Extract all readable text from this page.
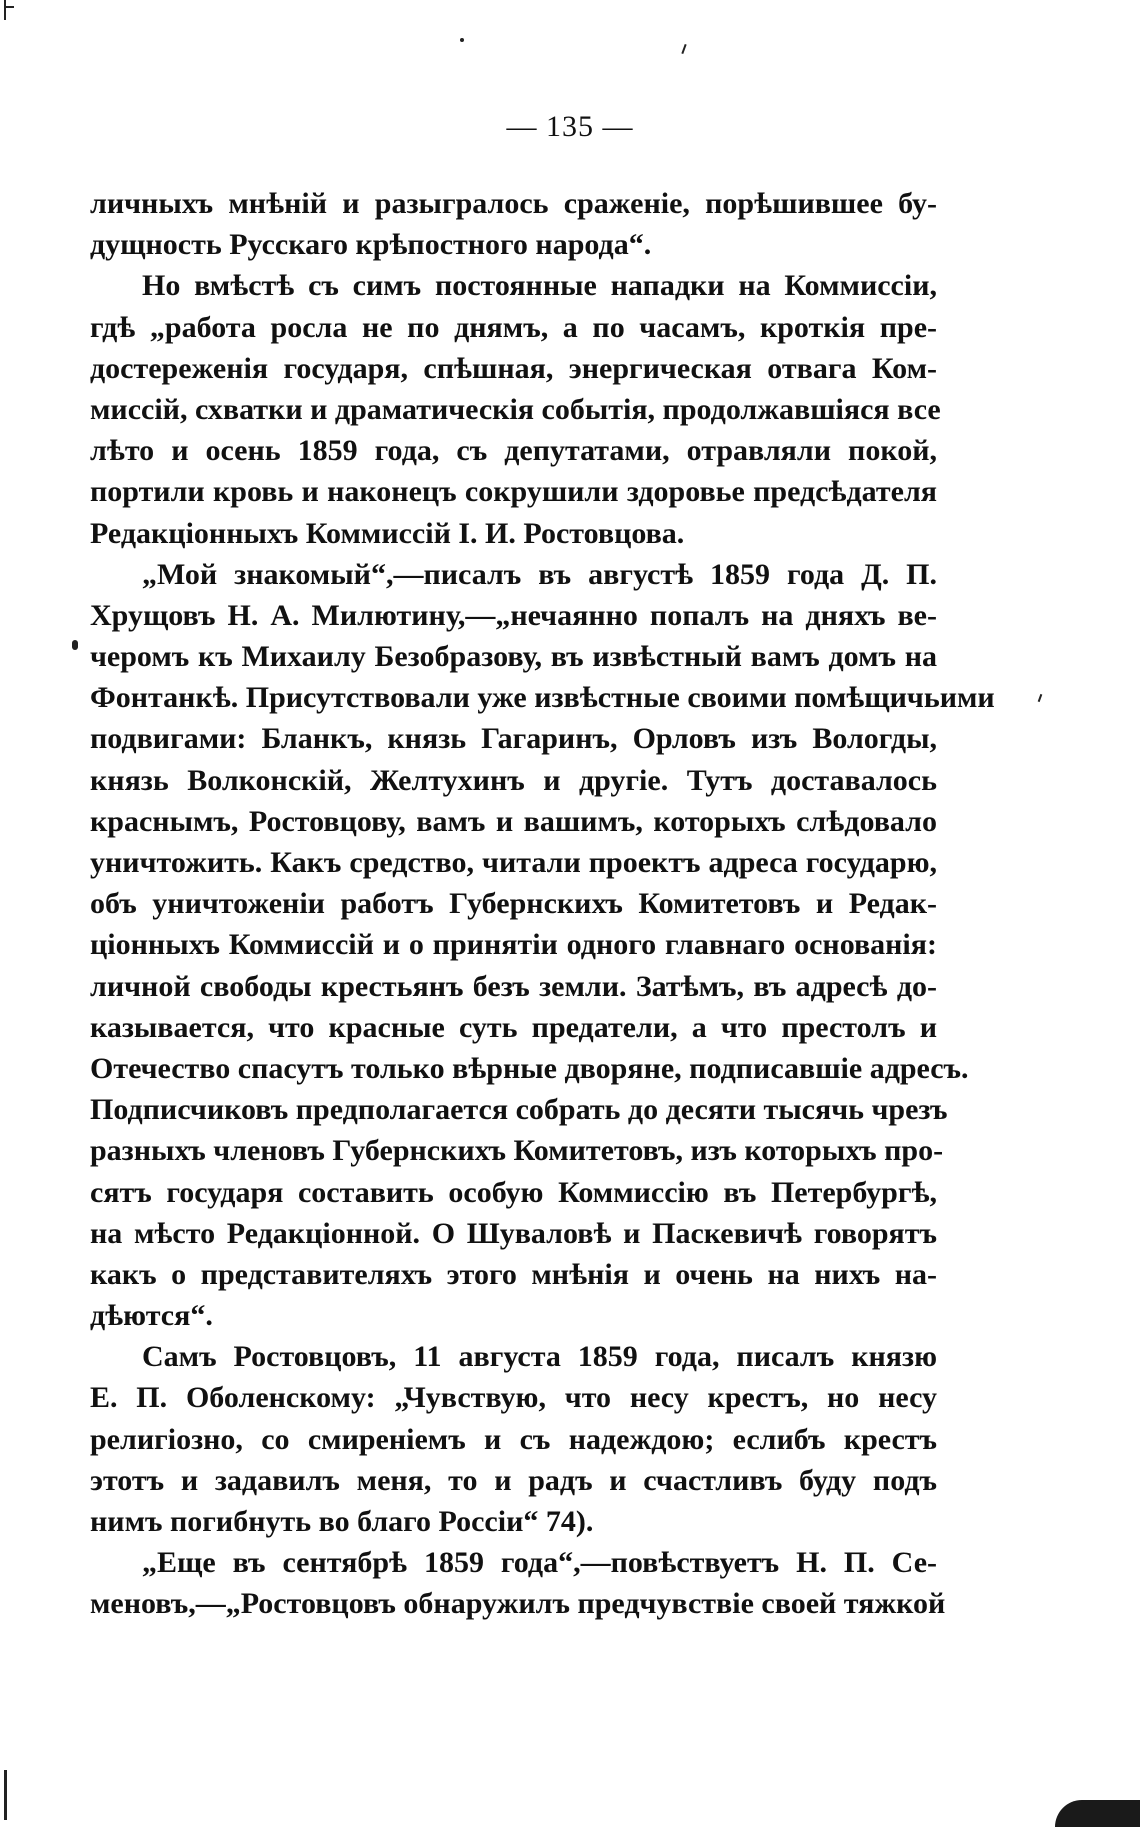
— 135 —
личныхъ мнѣній и разыгралось сраженіе, порѣшившее бу-
дущность Русскаго крѣпостного народа“.
Но вмѣстѣ съ симъ постоянные нападки на Коммиссіи,
гдѣ „работа росла не по днямъ, а по часамъ, кроткія пре-
достереженія государя, спѣшная, энергическая отвага Ком-
миссій, схватки и драматическія событія, продолжавшіяся все
лѣто и осень 1859 года, съ депутатами, отравляли покой,
портили кровь и наконецъ сокрушили здоровье предсѣдателя
Редакціонныхъ Коммиссій І. И. Ростовцова.
„Мой знакомый“,—писалъ въ августѣ 1859 года Д. П.
Хрущовъ Н. А. Милютину,—„нечаянно попалъ на дняхъ ве-
черомъ къ Михаилу Безобразову, въ извѣстный вамъ домъ на
Фонтанкѣ. Присутствовали уже извѣстные своими помѣщичьими
подвигами: Бланкъ, князь Гагаринъ, Орловъ изъ Вологды,
князь Волконскій, Желтухинъ и другіе. Тутъ доставалось
краснымъ, Ростовцову, вамъ и вашимъ, которыхъ слѣдовало
уничтожить. Какъ средство, читали проектъ адреса государю,
объ уничтоженіи работъ Губернскихъ Комитетовъ и Редак-
ціонныхъ Коммиссій и о принятіи одного главнаго основанія:
личной свободы крестьянъ безъ земли. Затѣмъ, въ адресѣ до-
казывается, что красные суть предатели, а что престолъ и
Отечество спасутъ только вѣрные дворяне, подписавшіе адресъ.
Подписчиковъ предполагается собрать до десяти тысячь чрезъ
разныхъ членовъ Губернскихъ Комитетовъ, изъ которыхъ про-
сятъ государя составить особую Коммиссію въ Петербургѣ,
на мѣсто Редакціонной. О Шуваловѣ и Паскевичѣ говорятъ
какъ о представителяхъ этого мнѣнія и очень на нихъ на-
дѣются“.
Самъ Ростовцовъ, 11 августа 1859 года, писалъ князю
Е. П. Оболенскому: „Чувствую, что несу крестъ, но несу
религіозно, со смиреніемъ и съ надеждою; еслибъ крестъ
этотъ и задавилъ меня, то и радъ и счастливъ буду подъ
нимъ погибнуть во благо Россіи“ 74).
„Еще въ сентябрѣ 1859 года“,—повѣствуетъ Н. П. Се-
меновъ,—„Ростовцовъ обнаружилъ предчувствіе своей тяжкой
